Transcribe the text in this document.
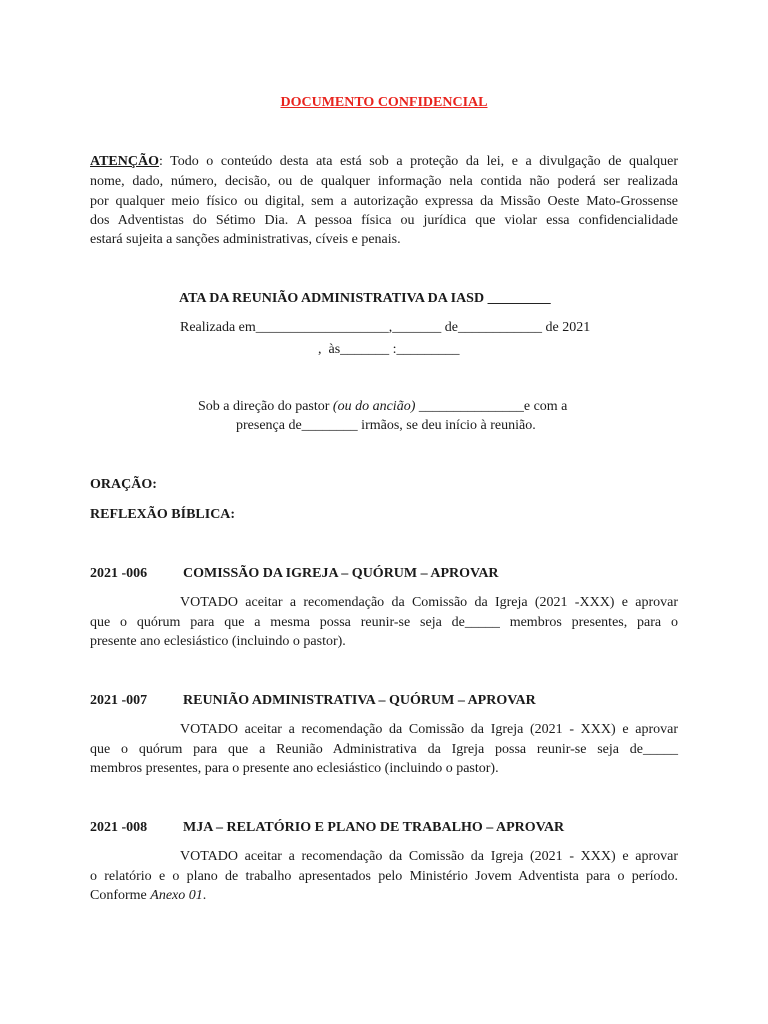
DOCUMENTO CONFIDENCIAL
ATENÇÃO: Todo o conteúdo desta ata está sob a proteção da lei, e a divulgação de qualquer
nome, dado, número, decisão, ou de qualquer informação nela contida não poderá ser realizada
por qualquer meio físico ou digital, sem a autorização expressa da Missão Oeste Mato-Grossense
dos Adventistas do Sétimo Dia. A pessoa física ou jurídica que violar essa confidencialidade
estará sujeita a sanções administrativas, cíveis e penais.
ATA DA REUNIÃO ADMINISTRATIVA DA IASD _________
Realizada em___________________,_______ de____________ de 2021
,  às_______ :_________
Sob a direção do pastor (ou do ancião) _______________e com a
presença de________ irmãos, se deu início à reunião.
ORAÇÃO:
REFLEXÃO BÍBLICA:
2021 -006	COMISSÃO DA IGREJA – QUÓRUM – APROVAR
VOTADO aceitar a recomendação da Comissão da Igreja (2021 -XXX) e aprovar
que o quórum para que a mesma possa reunir-se seja de_____ membros presentes, para o
presente ano eclesiástico (incluindo o pastor).
2021 -007	REUNIÃO ADMINISTRATIVA – QUÓRUM – APROVAR
VOTADO aceitar a recomendação da Comissão da Igreja (2021 - XXX) e aprovar
que o quórum para que a Reunião Administrativa da Igreja possa reunir-se seja de_____
membros presentes, para o presente ano eclesiástico (incluindo o pastor).
2021 -008	MJA – RELATÓRIO E PLANO DE TRABALHO – APROVAR
VOTADO aceitar a recomendação da Comissão da Igreja (2021 - XXX) e aprovar
o relatório e o plano de trabalho apresentados pelo Ministério Jovem Adventista para o período.
Conforme Anexo 01.
